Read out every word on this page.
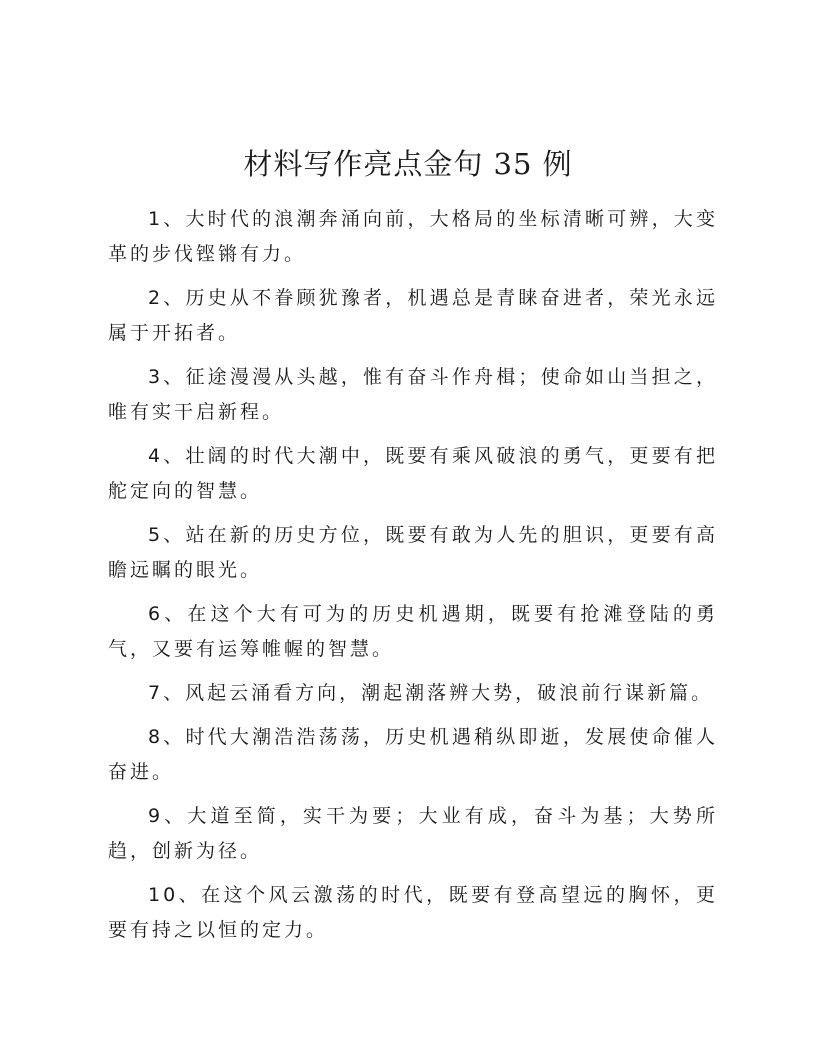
材料写作亮点金句 35 例

1、大时代的浪潮奔涌向前，大格局的坐标清晰可辨，大变革的步伐铿锵有力。

2、历史从不眷顾犹豫者，机遇总是青睐奋进者，荣光永远属于开拓者。

3、征途漫漫从头越，惟有奋斗作舟楫；使命如山当担之，唯有实干启新程。

4、壮阔的时代大潮中，既要有乘风破浪的勇气，更要有把舵定向的智慧。

5、站在新的历史方位，既要有敢为人先的胆识，更要有高瞻远瞩的眼光。

6、在这个大有可为的历史机遇期，既要有抢滩登陆的勇气，又要有运筹帷幄的智慧。

7、风起云涌看方向，潮起潮落辨大势，破浪前行谋新篇。

8、时代大潮浩浩荡荡，历史机遇稍纵即逝，发展使命催人奋进。

9、大道至简，实干为要；大业有成，奋斗为基；大势所趋，创新为径。

10、在这个风云激荡的时代，既要有登高望远的胸怀，更要有持之以恒的定力。
